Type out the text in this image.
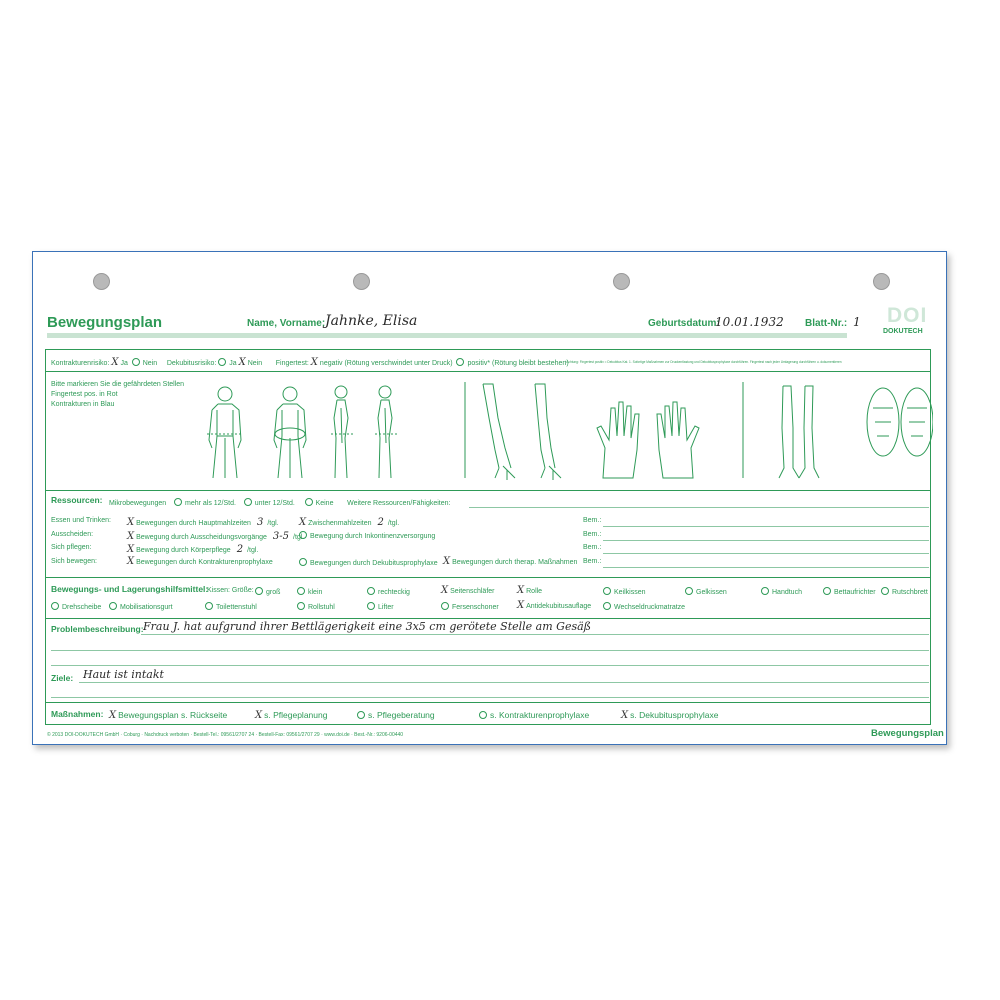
Bewegungsplan	Name, Vorname: Jahnke, Elisa	Geburtsdatum:
10.01.1932 Blatt-Nr.: 1 DOI
DOKUTECH
Kontrakturenrisiko: X Ja Nein Dekubitusrisiko: Ja X Nein Fingertest: X negativ (Rötung verschwindet unter Druck) positiv* (Rötung bleibt bestehen)
*Achtung: Fingertest positiv = Dekubitus Kat. 1. Sofortige Maßnahmen zur Druckentlastung und Dekubitusprophylaxe durchführen. Fingertest nach jeder Umlagerung durchführen u. dokumentieren
Bitte markieren Sie die gefährdeten Stellen
Fingertest pos. in Rot
Kontrakturen in Blau
Ressourcen: Mikrobewegungen	mehr als 12/Std.	unter 12/Std.	Keine Weitere Ressourcen/Fähigkeiten:
Bewegungs- und Lagerungshilfsmittel:
Kissen: Größe:
Problembeschreibung: Frau J. hat aufgrund ihrer Bettlägerigkeit eine 3x5 cm gerötete Stelle am Gesäß
Ziele: Haut ist intakt
Maßnahmen:
© 2013 DOI-DOKUTECH GmbH · Coburg · Nachdruck verboten · Bestell-Tel.: 09561/2707 24 · Bestell-Fax: 09561/2707 29 · www.doi.de · Best.-Nr.: 9206-00440	Bewegungsplan
Essen und Trinken: X Bewegungen durch Hauptmahlzeiten 3 /tgl. X Zwischenmahlzeiten 2 /tgl.	Bem.:
Ausscheiden:	X Bewegung durch Ausscheidungsvorgänge 3-5 /tgl. Bewegung durch Inkontinenzversorgung	Bem.:
Sich pflegen:	X Bewegung durch Körperpflege 2 /tgl.	Bem.:
Sich bewegen:	X Bewegungen durch Kontrakturenprophylaxe	Bewegungen durch Dekubitusprophylaxe X Bewegungen durch therap. Maßnahmen Bem.:
groß	klein	rechteckig	X Seitenschläfer X Rolle	Keilkissen	Gelkissen	Handtuch	Bettaufrichter	Rutschbrett
Drehscheibe	Mobilisationsgurt	Toilettenstuhl	Rollstuhl	Lifter	Fersenschoner X Antidekubitusauflage	Wechseldruckmatratze
X Bewegungsplan s. Rückseite	X s. Pflegeplanung	s. Pflegeberatung	s. Kontrakturenprophylaxe	X s. Dekubitusprophylaxe
